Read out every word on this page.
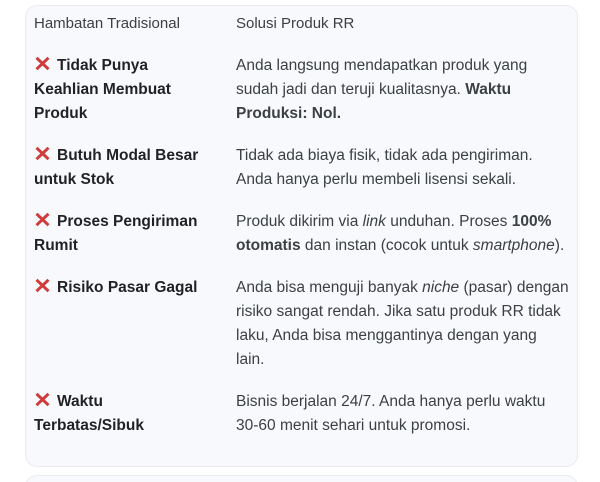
Hambatan Tradisional	Solusi Produk RR
Tidak Punya Keahlian Membuat Produk
Anda langsung mendapatkan produk yang sudah jadi dan teruji kualitasnya. Waktu Produksi: Nol.
Butuh Modal Besar untuk Stok
Tidak ada biaya fisik, tidak ada pengiriman. Anda hanya perlu membeli lisensi sekali.
Proses Pengiriman Rumit
Produk dikirim via link unduhan. Proses 100% otomatis dan instan (cocok untuk smartphone).
Risiko Pasar Gagal	Anda bisa menguji banyak niche (pasar) dengan risiko sangat rendah. Jika satu produk RR tidak laku, Anda bisa menggantinya dengan yang lain.
Waktu Terbatas/Sibuk
Bisnis berjalan 24/7. Anda hanya perlu waktu 30-60 menit sehari untuk promosi.
